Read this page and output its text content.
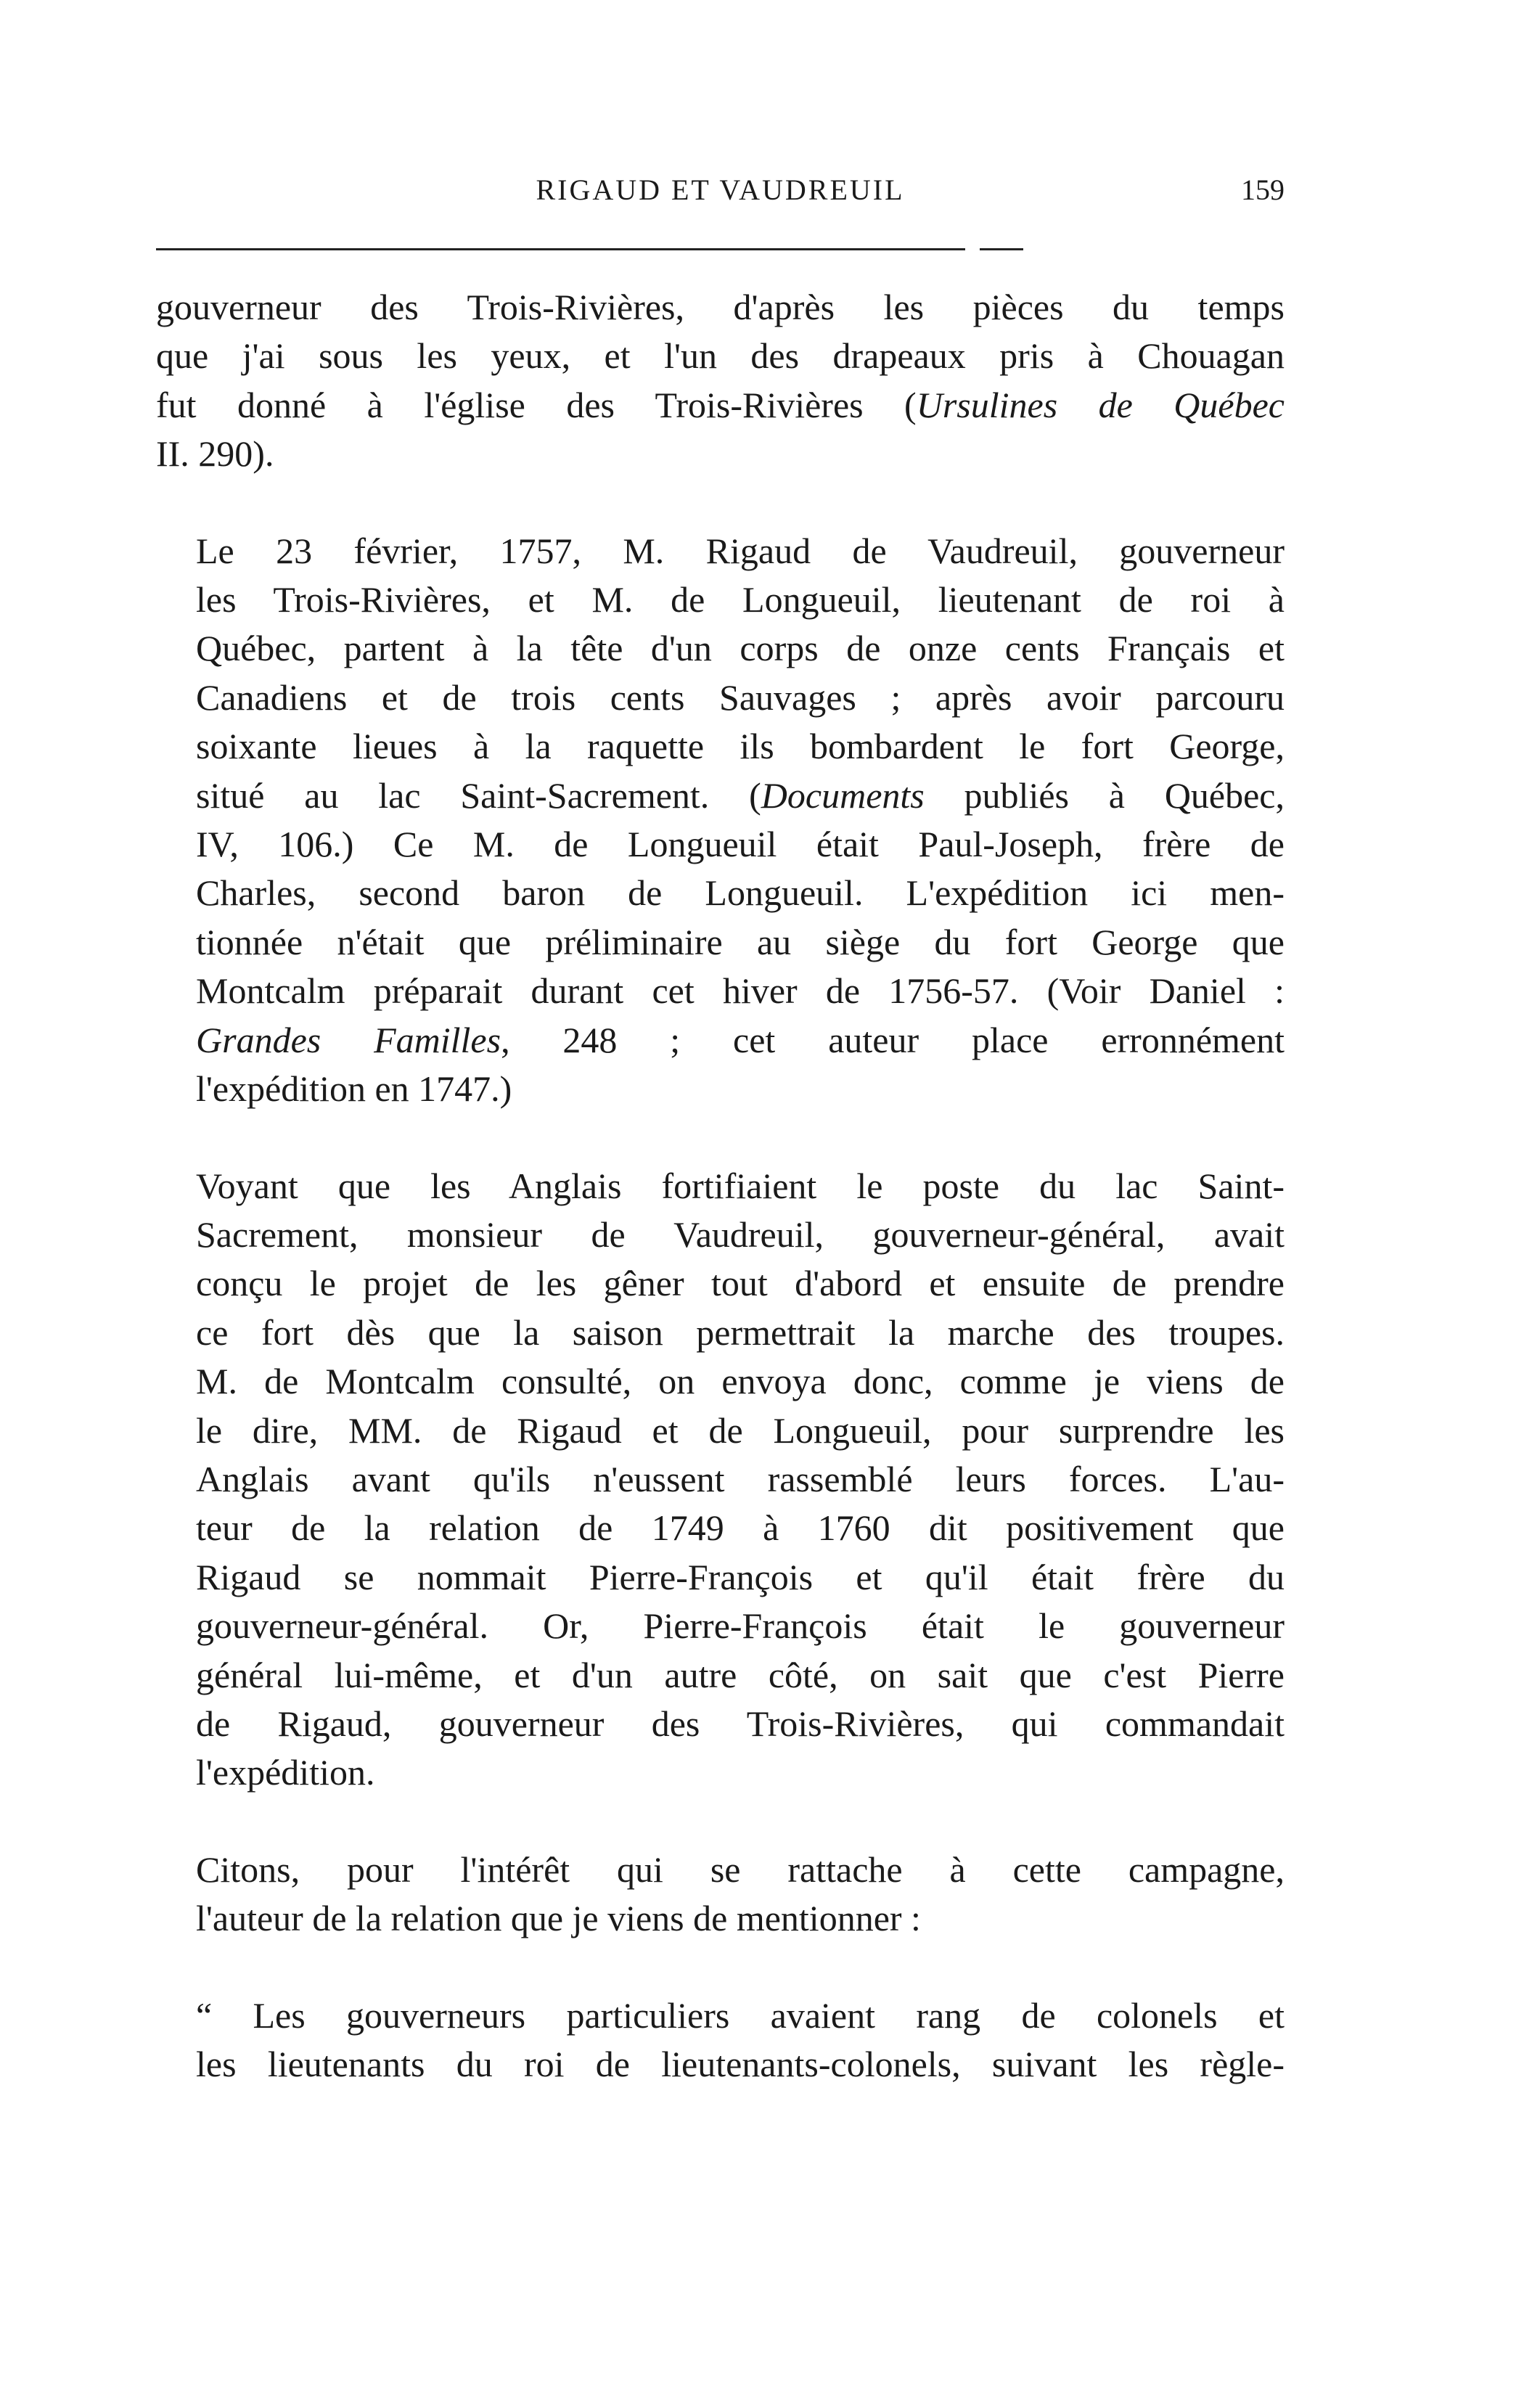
RIGAUD ET VAUDREUIL	159

gouverneur des Trois-Rivières, d'après les pièces du temps
que j'ai sous les yeux, et l'un des drapeaux pris à Chouagan
fut donné à l'église des Trois-Rivières (Ursulines de Québec
II. 290).

Le 23 février, 1757, M. Rigaud de Vaudreuil, gouverneur
les Trois-Rivières, et M. de Longueuil, lieutenant de roi à
Québec, partent à la tête d'un corps de onze cents Français et
Canadiens et de trois cents Sauvages ; après avoir parcouru
soixante lieues à la raquette ils bombardent le fort George,
situé au lac Saint-Sacrement. (Documents publiés à Québec,
IV, 106.) Ce M. de Longueuil était Paul-Joseph, frère de
Charles, second baron de Longueuil. L'expédition ici men-
tionnée n'était que préliminaire au siège du fort George que
Montcalm préparait durant cet hiver de 1756-57. (Voir Daniel :
Grandes Familles, 248 ; cet auteur place erronnément
l'expédition en 1747.)

Voyant que les Anglais fortifiaient le poste du lac Saint-
Sacrement, monsieur de Vaudreuil, gouverneur-général, avait
conçu le projet de les gêner tout d'abord et ensuite de prendre
ce fort dès que la saison permettrait la marche des troupes.
M. de Montcalm consulté, on envoya donc, comme je viens de
le dire, MM. de Rigaud et de Longueuil, pour surprendre les
Anglais avant qu'ils n'eussent rassemblé leurs forces. L'au-
teur de la relation de 1749 à 1760 dit positivement que
Rigaud se nommait Pierre-François et qu'il était frère du
gouverneur-général. Or, Pierre-François était le gouverneur
général lui-même, et d'un autre côté, on sait que c'est Pierre
de Rigaud, gouverneur des Trois-Rivières, qui commandait
l'expédition.

Citons, pour l'intérêt qui se rattache à cette campagne,
l'auteur de la relation que je viens de mentionner :

“ Les gouverneurs particuliers avaient rang de colonels et
les lieutenants du roi de lieutenants-colonels, suivant les règle-
